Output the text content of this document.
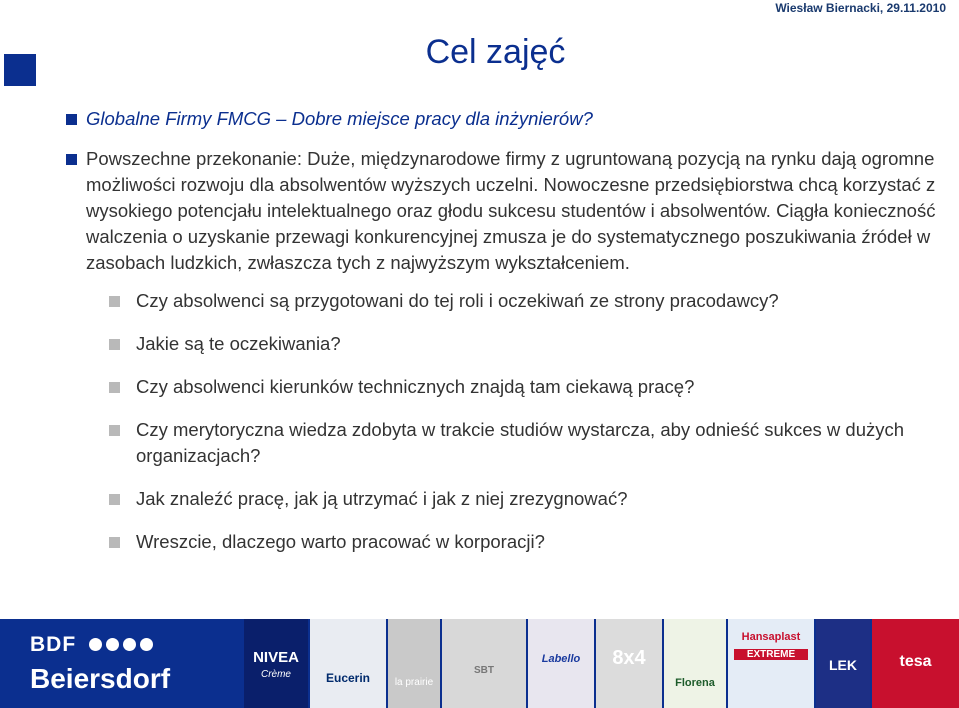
Wiesław Biernacki, 29.11.2010
Cel zajęć
Globalne Firmy FMCG – Dobre miejsce pracy dla inżynierów?
Powszechne przekonanie: Duże, międzynarodowe firmy z ugruntowaną pozycją na rynku dają ogromne możliwości rozwoju dla absolwentów wyższych uczelni. Nowoczesne przedsiębiorstwa chcą korzystać z wysokiego potencjału intelektualnego oraz głodu sukcesu studentów i absolwentów. Ciągła konieczność walczenia o uzyskanie przewagi konkurencyjnej zmusza je do systematycznego poszukiwania źródeł w zasobach ludzkich, zwłaszcza tych z najwyższym wykształceniem.
Czy absolwenci są przygotowani do tej roli i oczekiwań ze strony pracodawcy?
Jakie są te oczekiwania?
Czy absolwenci kierunków technicznych znajdą tam ciekawą pracę?
Czy merytoryczna wiedza zdobyta w trakcie studiów wystarcza, aby odnieść sukces w dużych organizacjach?
Jak znaleźć pracę, jak ją utrzymać i jak z niej zrezygnować?
Wreszcie, dlaczego warto pracować w korporacji?
BDF
Beiersdorf
NIVEA
Crème	Eucerin	la prairie
SBT
Labello	8x4
Florena
Hansaplast
EXTREME
LEK	tesa
